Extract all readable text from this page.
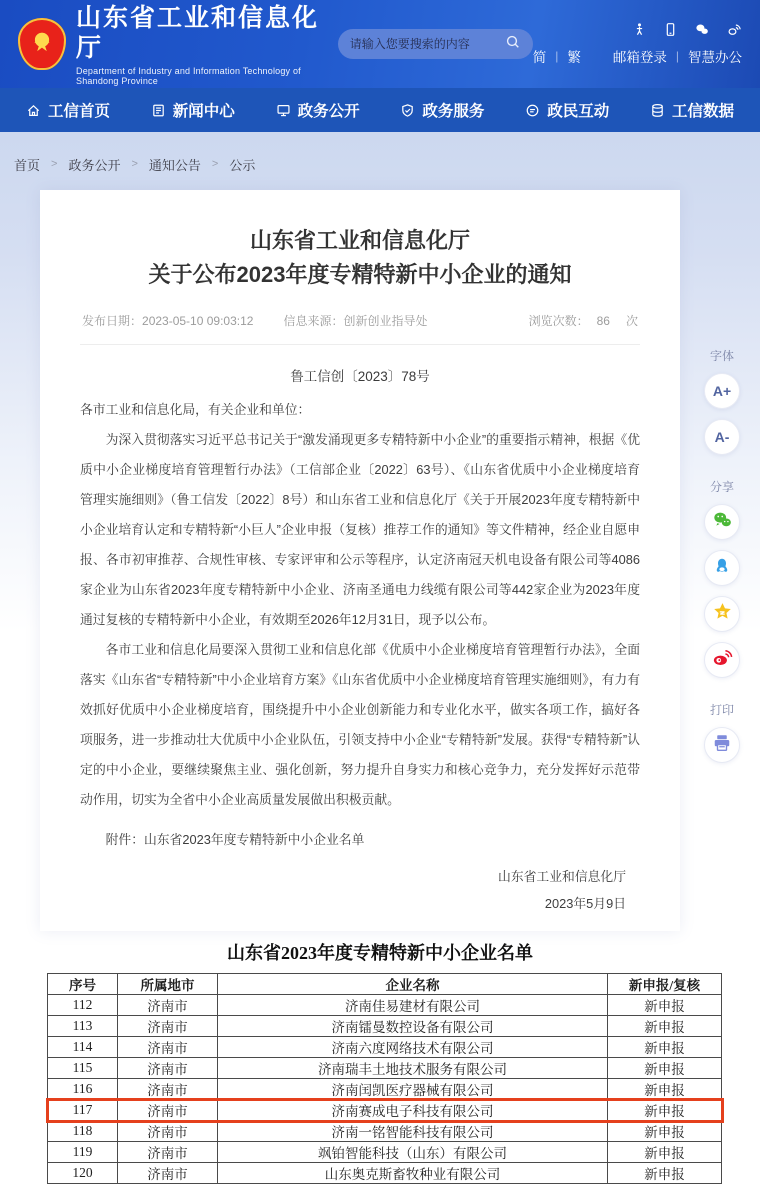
★
山东省工业和信息化厅
Department of Industry and Information Technology of Shandong Province
请输入您要搜索的内容
简 | 繁 邮箱登录 | 智慧办公
工信首页	新闻中心	政务公开	政务服务	政民互动	工信数据
首页 > 政务公开 > 通知公告 > 公示
山东省工业和信息化厅
关于公布2023年度专精特新中小企业的通知
发布日期： 2023-05-10 09:03:12	信息来源： 创新创业指导处	浏览次数： 86 次
鲁工信创〔2023〕78号

各市工业和信息化局，有关企业和单位：

为深入贯彻落实习近平总书记关于“激发涌现更多专精特新中小企业”的重要指示精神，根据《优质中小企业梯度培育管理暂行办法》（工信部企业〔2022〕63号）、《山东省优质中小企业梯度培育管理实施细则》（鲁工信发〔2022〕8号）和山东省工业和信息化厅《关于开展2023年度专精特新中小企业培育认定和专精特新“小巨人”企业申报（复核）推荐工作的通知》等文件精神，经企业自愿申报、各市初审推荐、合规性审核、专家评审和公示等程序，认定济南冠天机电设备有限公司等4086家企业为山东省2023年度专精特新中小企业、济南圣通电力线缆有限公司等442家企业为2023年度通过复核的专精特新中小企业，有效期至2026年12月31日，现予以公布。

各市工业和信息化局要深入贯彻工业和信息化部《优质中小企业梯度培育管理暂行办法》，全面落实《山东省“专精特新”中小企业培育方案》《山东省优质中小企业梯度培育管理实施细则》，有力有效抓好优质中小企业梯度培育，围绕提升中小企业创新能力和专业化水平，做实各项工作，搞好各项服务，进一步推动壮大优质中小企业队伍，引领支持中小企业“专精特新”发展。获得“专精特新”认定的中小企业，要继续聚焦主业、强化创新，努力提升自身实力和核心竞争力，充分发挥好示范带动作用，切实为全省中小企业高质量发展做出积极贡献。

附件：山东省2023年度专精特新中小企业名单

山东省工业和信息化厅
2023年5月9日
山东省2023年度专精特新中小企业名单
序号	所属地市	企业名称	新申报/复核
112	济南市	济南佳易建材有限公司	新申报
113	济南市	济南镭曼数控设备有限公司	新申报
114	济南市	济南六度网络技术有限公司	新申报
115	济南市	济南瑞丰土地技术服务有限公司	新申报
116	济南市	济南闰凯医疗器械有限公司	新申报
117	济南市	济南赛成电子科技有限公司	新申报
118	济南市	济南一铭智能科技有限公司	新申报
119	济南市	飒铂智能科技（山东）有限公司	新申报
120	济南市	山东奥克斯畜牧种业有限公司	新申报
字体
A+
A-
分享
打印
